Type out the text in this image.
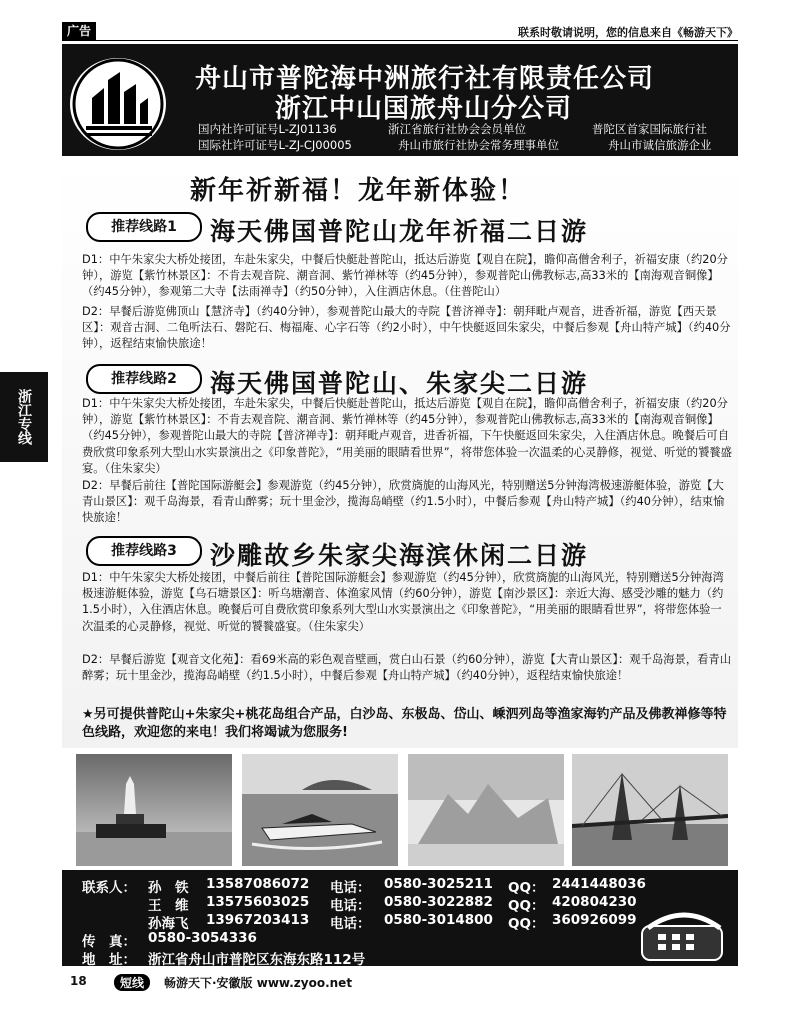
广告	联系时敬请说明，您的信息来自《畅游天下》
舟山市普陀海中洲旅行社有限责任公司
浙江中山国旅舟山分公司
国内社许可证号L-ZJ01136	浙江省旅行社协会会员单位	普陀区首家国际旅行社
国际社许可证号L-ZJ-CJ00005	舟山市旅行社协会常务理事单位	舟山市诚信旅游企业
新年祈新福！龙年新体验！
浙江专线
推荐线路1	海天佛国普陀山龙年祈福二日游
D1：中午朱家尖大桥处接团，车赴朱家尖，中餐后快艇赴普陀山，抵达后游览【观自在院】，瞻仰高僧舍利子，祈福安康（约20分钟），游览【紫竹林景区】：不肯去观音院、潮音洞、紫竹禅林等（约45分钟），参观普陀山佛教标志,高33米的【南海观音铜像】（约45分钟），参观第二大寺【法雨禅寺】（约50分钟），入住酒店休息。（住普陀山）
D2：早餐后游览佛顶山【慧济寺】（约40分钟），参观普陀山最大的寺院【普济禅寺】：朝拜毗卢观音，进香祈福，游览【西天景区】：观音古洞、二龟听法石、磐陀石、梅福庵、心字石等（约2小时），中午快艇返回朱家尖，中餐后参观【舟山特产城】（约40分钟），返程结束愉快旅途！
推荐线路2	海天佛国普陀山、朱家尖二日游
D1：中午朱家尖大桥处接团，车赴朱家尖，中餐后快艇赴普陀山，抵达后游览【观自在院】，瞻仰高僧舍利子，祈福安康（约20分钟），游览【紫竹林景区】：不肯去观音院、潮音洞、紫竹禅林等（约45分钟），参观普陀山佛教标志,高33米的【南海观音铜像】（约45分钟），参观普陀山最大的寺院【普济禅寺】：朝拜毗卢观音，进香祈福，下午快艇返回朱家尖，入住酒店休息。晚餐后可自费欣赏印象系列大型山水实景演出之《印象普陀》，“用美丽的眼睛看世界”，将带您体验一次温柔的心灵静修，视觉、听觉的饕餮盛宴。（住朱家尖）
D2：早餐后前往【普陀国际游艇会】参观游览（约45分钟），欣赏旖旎的山海风光，特别赠送5分钟海湾极速游艇体验，游览【大青山景区】：观千岛海景，看青山醉雾；玩十里金沙，揽海岛峭壁（约1.5小时），中餐后参观【舟山特产城】（约40分钟），结束愉快旅途！
推荐线路3	沙雕故乡朱家尖海滨休闲二日游
D1：中午朱家尖大桥处接团，中餐后前往【普陀国际游艇会】参观游览（约45分钟），欣赏旖旎的山海风光，特别赠送5分钟海湾极速游艇体验，游览【乌石塘景区】：听乌塘潮音、体渔家风情（约60分钟），游览【南沙景区】：亲近大海、感受沙雕的魅力（约1.5小时），入住酒店休息。晚餐后可自费欣赏印象系列大型山水实景演出之《印象普陀》，“用美丽的眼睛看世界”，将带您体验一次温柔的心灵静修，视觉、听觉的饕餮盛宴。（住朱家尖）
D2：早餐后游览【观音文化苑】：看69米高的彩色观音壁画，赏白山石景（约60分钟），游览【大青山景区】：观千岛海景，看青山醉雾；玩十里金沙，揽海岛峭壁（约1.5小时），中餐后参观【舟山特产城】（约40分钟），返程结束愉快旅途！
★另可提供普陀山+朱家尖+桃花岛组合产品，白沙岛、东极岛、岱山、嵊泗列岛等渔家海钓产品及佛教禅修等特色线路，欢迎您的来电！我们将竭诚为您服务!
联系人： 孙　铁 13587086072 电话： 0580-3025211 QQ： 2441448036
王　维 13575603025 电话： 0580-3022882 QQ： 420804230
孙海飞 13967203413 电话： 0580-3014800 QQ： 360926099
传　真： 0580-3054336
地　址： 浙江省舟山市普陀区东海东路112号
18	短线	畅游天下·安徽版 www.zyoo.net
